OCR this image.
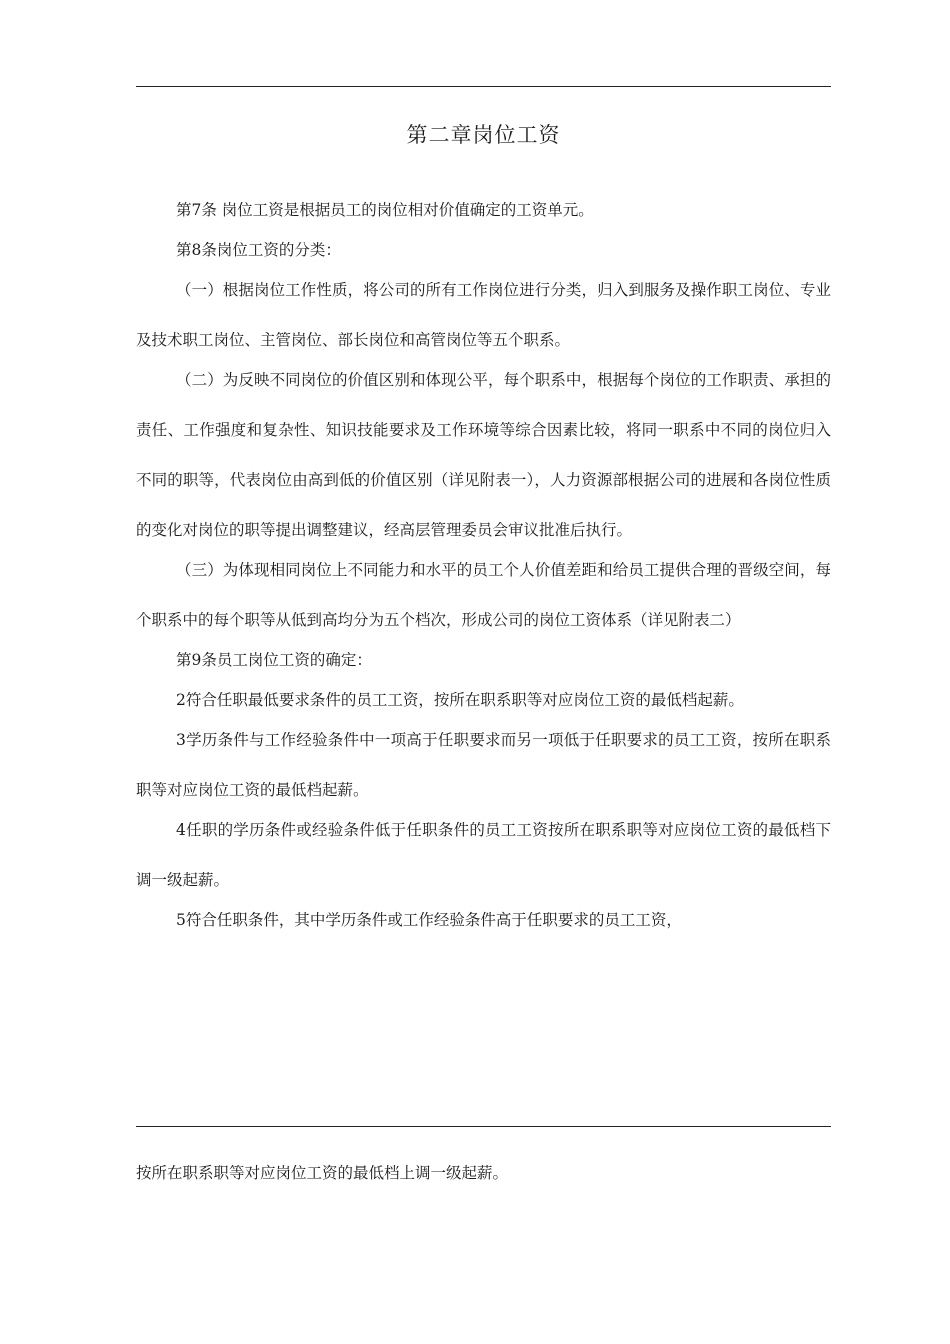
第二章岗位工资

第7条 岗位工资是根据员工的岗位相对价值确定的工资单元。

第8条岗位工资的分类：

（一）根据岗位工作性质，将公司的所有工作岗位进行分类，归入到服务及操作职工岗位、专业及技术职工岗位、主管岗位、部长岗位和高管岗位等五个职系。

（二）为反映不同岗位的价值区别和体现公平，每个职系中，根据每个岗位的工作职责、承担的责任、工作强度和复杂性、知识技能要求及工作环境等综合因素比较，将同一职系中不同的岗位归入不同的职等，代表岗位由高到低的价值区别（详见附表一），人力资源部根据公司的进展和各岗位性质的变化对岗位的职等提出调整建议，经高层管理委员会审议批准后执行。

（三）为体现相同岗位上不同能力和水平的员工个人价值差距和给员工提供合理的晋级空间，每个职系中的每个职等从低到高均分为五个档次，形成公司的岗位工资体系（详见附表二）

第9条员工岗位工资的确定：

2符合任职最低要求条件的员工工资，按所在职系职等对应岗位工资的最低档起薪。

3学历条件与工作经验条件中一项高于任职要求而另一项低于任职要求的员工工资，按所在职系职等对应岗位工资的最低档起薪。

4任职的学历条件或经验条件低于任职条件的员工工资按所在职系职等对应岗位工资的最低档下调一级起薪。

5符合任职条件，其中学历条件或工作经验条件高于任职要求的员工工资，

按所在职系职等对应岗位工资的最低档上调一级起薪。
